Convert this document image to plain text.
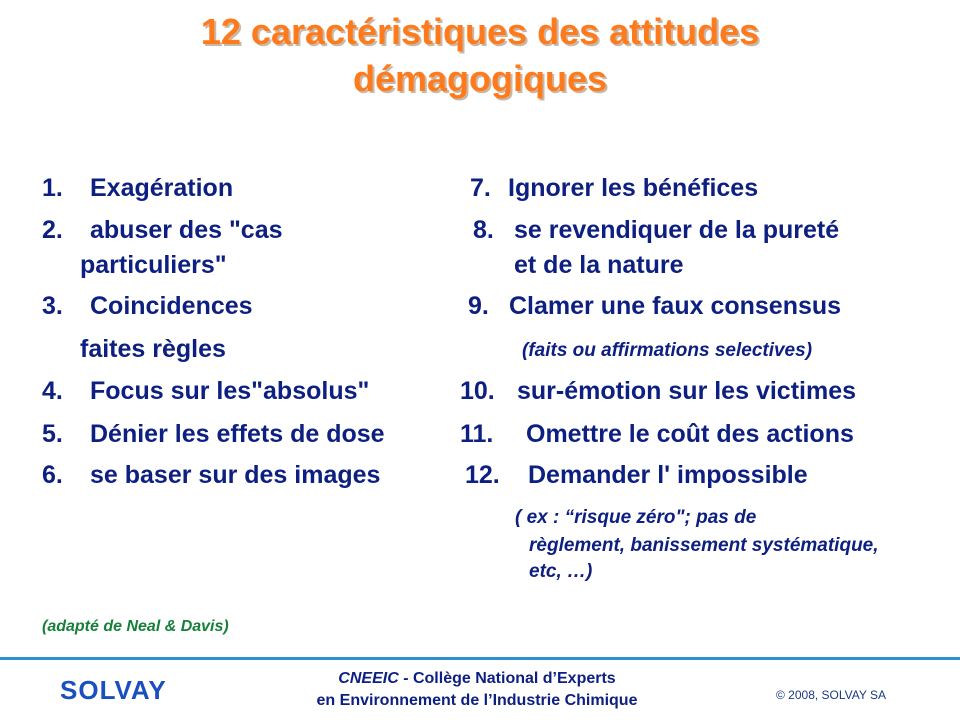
12 caractéristiques des attitudes
démagogiques
1. Exagération
2. abuser des "cas
particuliers"
3. Coincidences
faites règles
4. Focus sur les"absolus"
5. Dénier les effets de dose
6. se baser sur des images
7. Ignorer les bénéfices
8. se revendiquer de la pureté
et de la nature
9. Clamer une faux consensus
(faits ou affirmations selectives)
10. sur-émotion sur les victimes
11. Omettre le coût des actions
12. Demander l' impossible
( ex : “risque zéro"; pas de
règlement, banissement systématique,
etc, …)
(adapté de Neal & Davis)
SOLVAY	CNEEIC - Collège National d’Experts
en Environnement de l’Industrie Chimique	© 2008, SOLVAY SA
